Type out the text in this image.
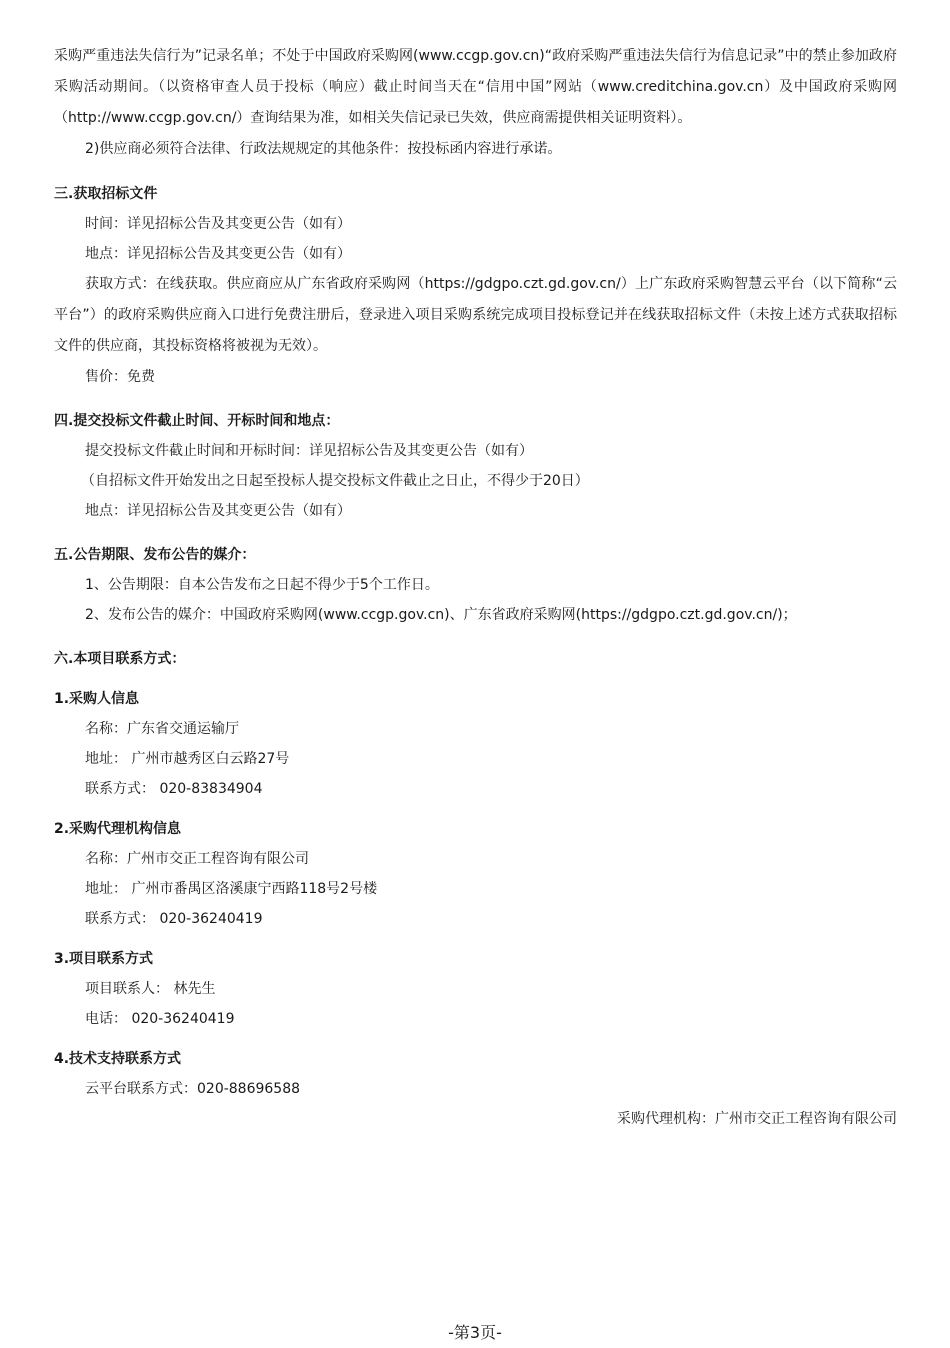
采购严重违法失信行为”记录名单；不处于中国政府采购网(www.ccgp.gov.cn)“政府采购严重违法失信行为信息记录”中的禁止参加政府采购活动期间。（以资格审查人员于投标（响应）截止时间当天在“信用中国”网站（www.creditchina.gov.cn）及中国政府采购网（http://www.ccgp.gov.cn/）查询结果为准，如相关失信记录已失效，供应商需提供相关证明资料）。

2)供应商必须符合法律、行政法规规定的其他条件：按投标函内容进行承诺。

三.获取招标文件

时间：详见招标公告及其变更公告（如有）

地点：详见招标公告及其变更公告（如有）

获取方式：在线获取。供应商应从广东省政府采购网（https://gdgpo.czt.gd.gov.cn/）上广东政府采购智慧云平台（以下简称“云平台”）的政府采购供应商入口进行免费注册后，登录进入项目采购系统完成项目投标登记并在线获取招标文件（未按上述方式获取招标文件的供应商，其投标资格将被视为无效）。

售价：免费

四.提交投标文件截止时间、开标时间和地点：

提交投标文件截止时间和开标时间：详见招标公告及其变更公告（如有）

（自招标文件开始发出之日起至投标人提交投标文件截止之日止，不得少于20日）

地点：详见招标公告及其变更公告（如有）

五.公告期限、发布公告的媒介：

1、公告期限：自本公告发布之日起不得少于5个工作日。

2、发布公告的媒介：中国政府采购网(www.ccgp.gov.cn)、广东省政府采购网(https://gdgpo.czt.gd.gov.cn/)；

六.本项目联系方式：

1.采购人信息

名称：广东省交通运输厅

地址： 广州市越秀区白云路27号

联系方式： 020-83834904

2.采购代理机构信息

名称：广州市交正工程咨询有限公司

地址： 广州市番禺区洛溪康宁西路118号2号楼

联系方式： 020-36240419

3.项目联系方式

项目联系人： 林先生

电话： 020-36240419

4.技术支持联系方式

云平台联系方式：020-88696588

采购代理机构：广州市交正工程咨询有限公司

-第3页-
